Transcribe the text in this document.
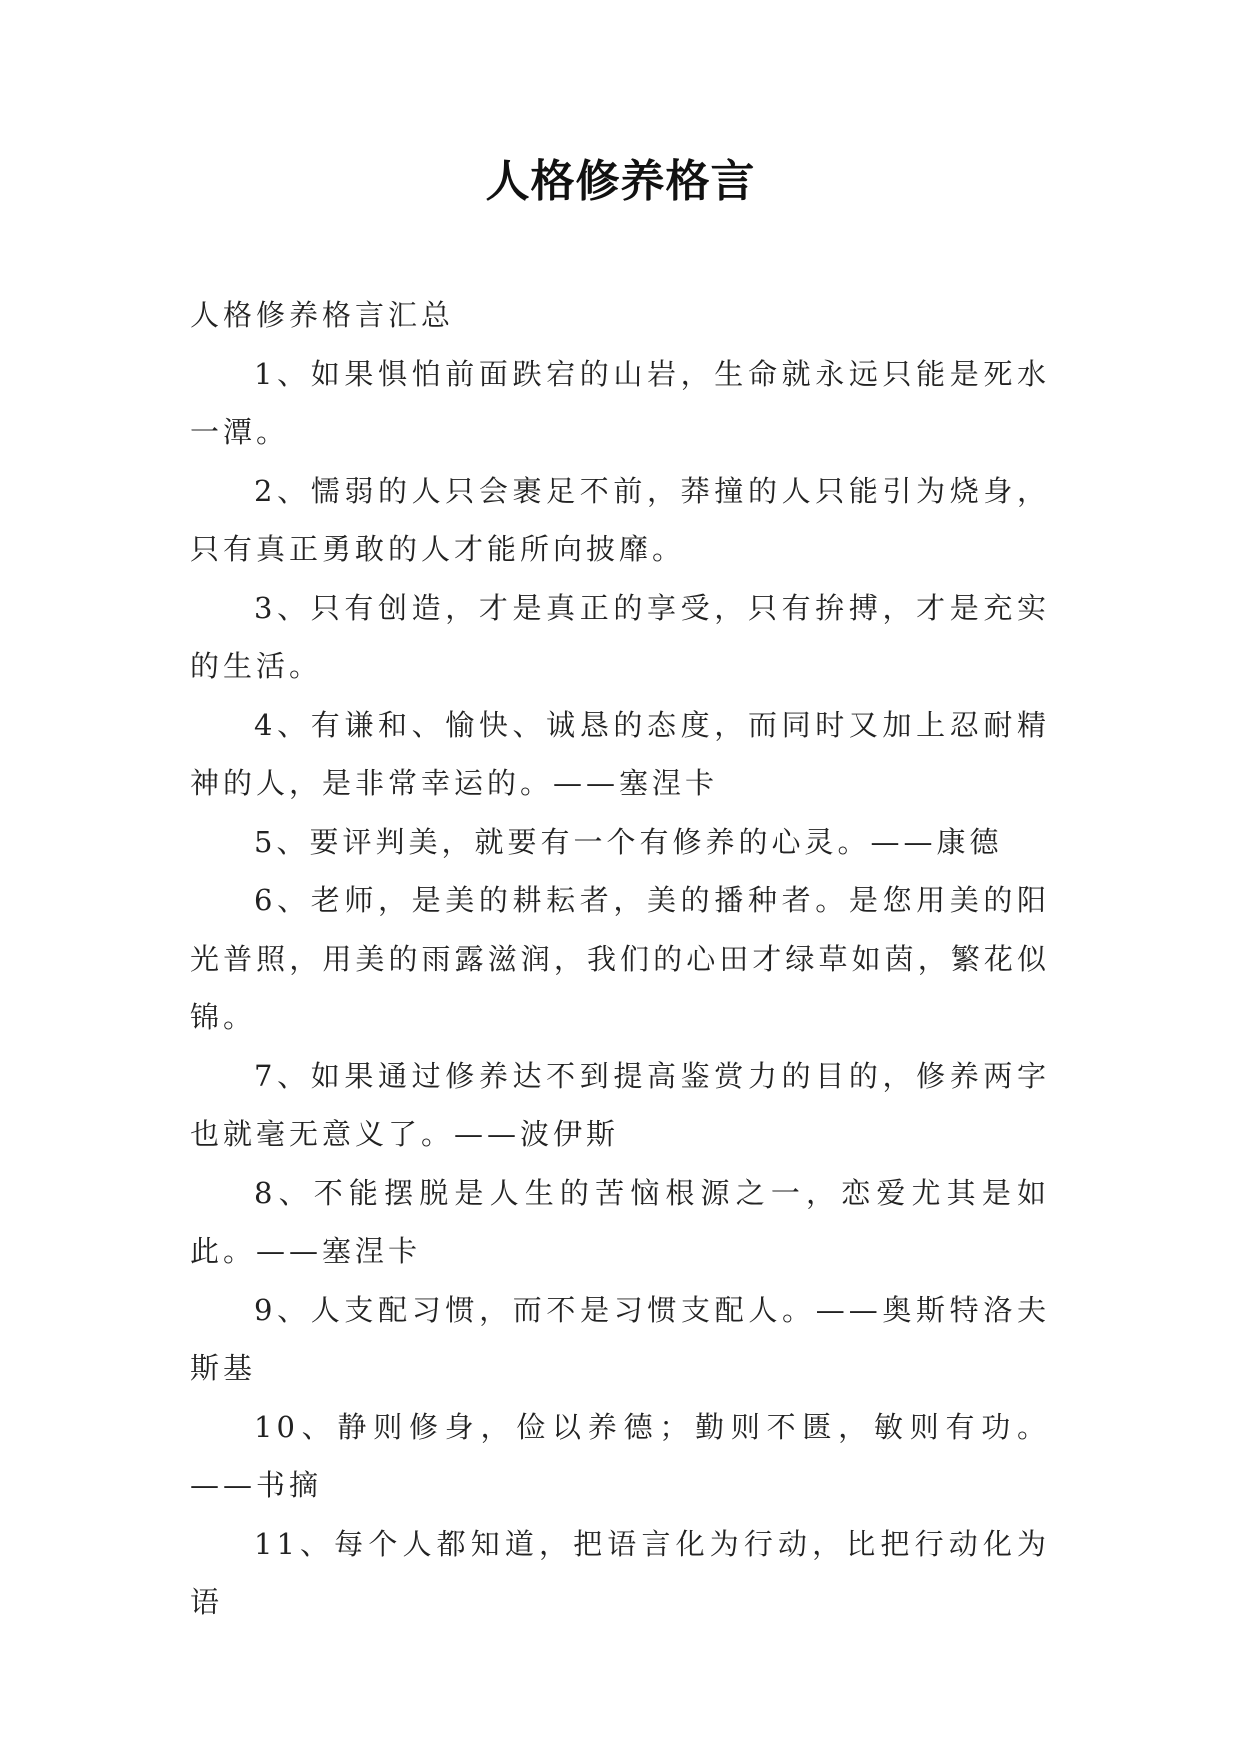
人格修养格言

人格修养格言汇总

1、如果惧怕前面跌宕的山岩，生命就永远只能是死水一潭。

2、懦弱的人只会裹足不前，莽撞的人只能引为烧身，只有真正勇敢的人才能所向披靡。

3、只有创造，才是真正的享受，只有拚搏，才是充实的生活。

4、有谦和、愉快、诚恳的态度，而同时又加上忍耐精神的人，是非常幸运的。——塞涅卡

5、要评判美，就要有一个有修养的心灵。——康德

6、老师，是美的耕耘者，美的播种者。是您用美的阳光普照，用美的雨露滋润，我们的心田才绿草如茵，繁花似锦。

7、如果通过修养达不到提高鉴赏力的目的，修养两字也就毫无意义了。——波伊斯

8、不能摆脱是人生的苦恼根源之一，恋爱尤其是如此。——塞涅卡

9、人支配习惯，而不是习惯支配人。——奥斯特洛夫斯基

10、静则修身，俭以养德；勤则不匮，敏则有功。——书摘

11、每个人都知道，把语言化为行动，比把行动化为语
